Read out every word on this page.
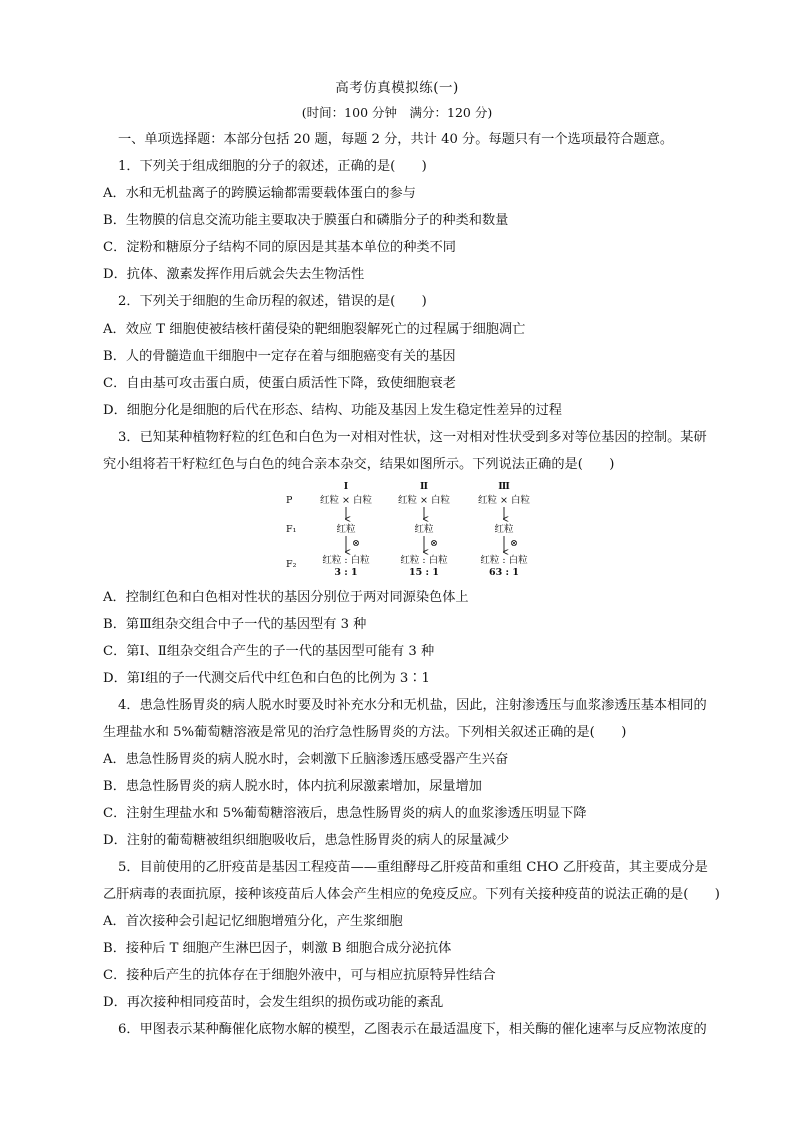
高考仿真模拟练(一)
(时间：100 分钟　满分：120 分)
一、单项选择题：本部分包括 20 题，每题 2 分，共计 40 分。每题只有一个选项最符合题意。
1．下列关于组成细胞的分子的叙述，正确的是(　　)
A．水和无机盐离子的跨膜运输都需要载体蛋白的参与
B．生物膜的信息交流功能主要取决于膜蛋白和磷脂分子的种类和数量
C．淀粉和糖原分子结构不同的原因是其基本单位的种类不同
D．抗体、激素发挥作用后就会失去生物活性
2．下列关于细胞的生命历程的叙述，错误的是(　　)
A．效应 T 细胞使被结核杆菌侵染的靶细胞裂解死亡的过程属于细胞凋亡
B．人的骨髓造血干细胞中一定存在着与细胞癌变有关的基因
C．自由基可攻击蛋白质，使蛋白质活性下降，致使细胞衰老
D．细胞分化是细胞的后代在形态、结构、功能及基因上发生稳定性差异的过程
3．已知某种植物籽粒的红色和白色为一对相对性状，这一对相对性状受到多对等位基因的控制。某研
究小组将若干籽粒红色与白色的纯合亲本杂交，结果如图所示。下列说法正确的是(　　)
P
F₁
F₂
Ⅰ
红粒 × 白粒
红粒
⊗
红粒 : 白粒
3 : 1
Ⅱ
红粒 × 白粒
红粒
⊗
红粒 : 白粒
15 : 1
Ⅲ
红粒 × 白粒
红粒
⊗
红粒 : 白粒
63 : 1
A．控制红色和白色相对性状的基因分别位于两对同源染色体上
B．第Ⅲ组杂交组合中子一代的基因型有 3 种
C．第Ⅰ、Ⅱ组杂交组合产生的子一代的基因型可能有 3 种
D．第Ⅰ组的子一代测交后代中红色和白色的比例为 3∶1
4．患急性肠胃炎的病人脱水时要及时补充水分和无机盐，因此，注射渗透压与血浆渗透压基本相同的
生理盐水和 5%葡萄糖溶液是常见的治疗急性肠胃炎的方法。下列相关叙述正确的是(　　)
A．患急性肠胃炎的病人脱水时，会刺激下丘脑渗透压感受器产生兴奋
B．患急性肠胃炎的病人脱水时，体内抗利尿激素增加，尿量增加
C．注射生理盐水和 5%葡萄糖溶液后，患急性肠胃炎的病人的血浆渗透压明显下降
D．注射的葡萄糖被组织细胞吸收后，患急性肠胃炎的病人的尿量减少
5．目前使用的乙肝疫苗是基因工程疫苗——重组酵母乙肝疫苗和重组 CHO 乙肝疫苗，其主要成分是
乙肝病毒的表面抗原，接种该疫苗后人体会产生相应的免疫反应。下列有关接种疫苗的说法正确的是(　　)
A．首次接种会引起记忆细胞增殖分化，产生浆细胞
B．接种后 T 细胞产生淋巴因子，刺激 B 细胞合成分泌抗体
C．接种后产生的抗体存在于细胞外液中，可与相应抗原特异性结合
D．再次接种相同疫苗时，会发生组织的损伤或功能的紊乱
6．甲图表示某种酶催化底物水解的模型，乙图表示在最适温度下，相关酶的催化速率与反应物浓度的
